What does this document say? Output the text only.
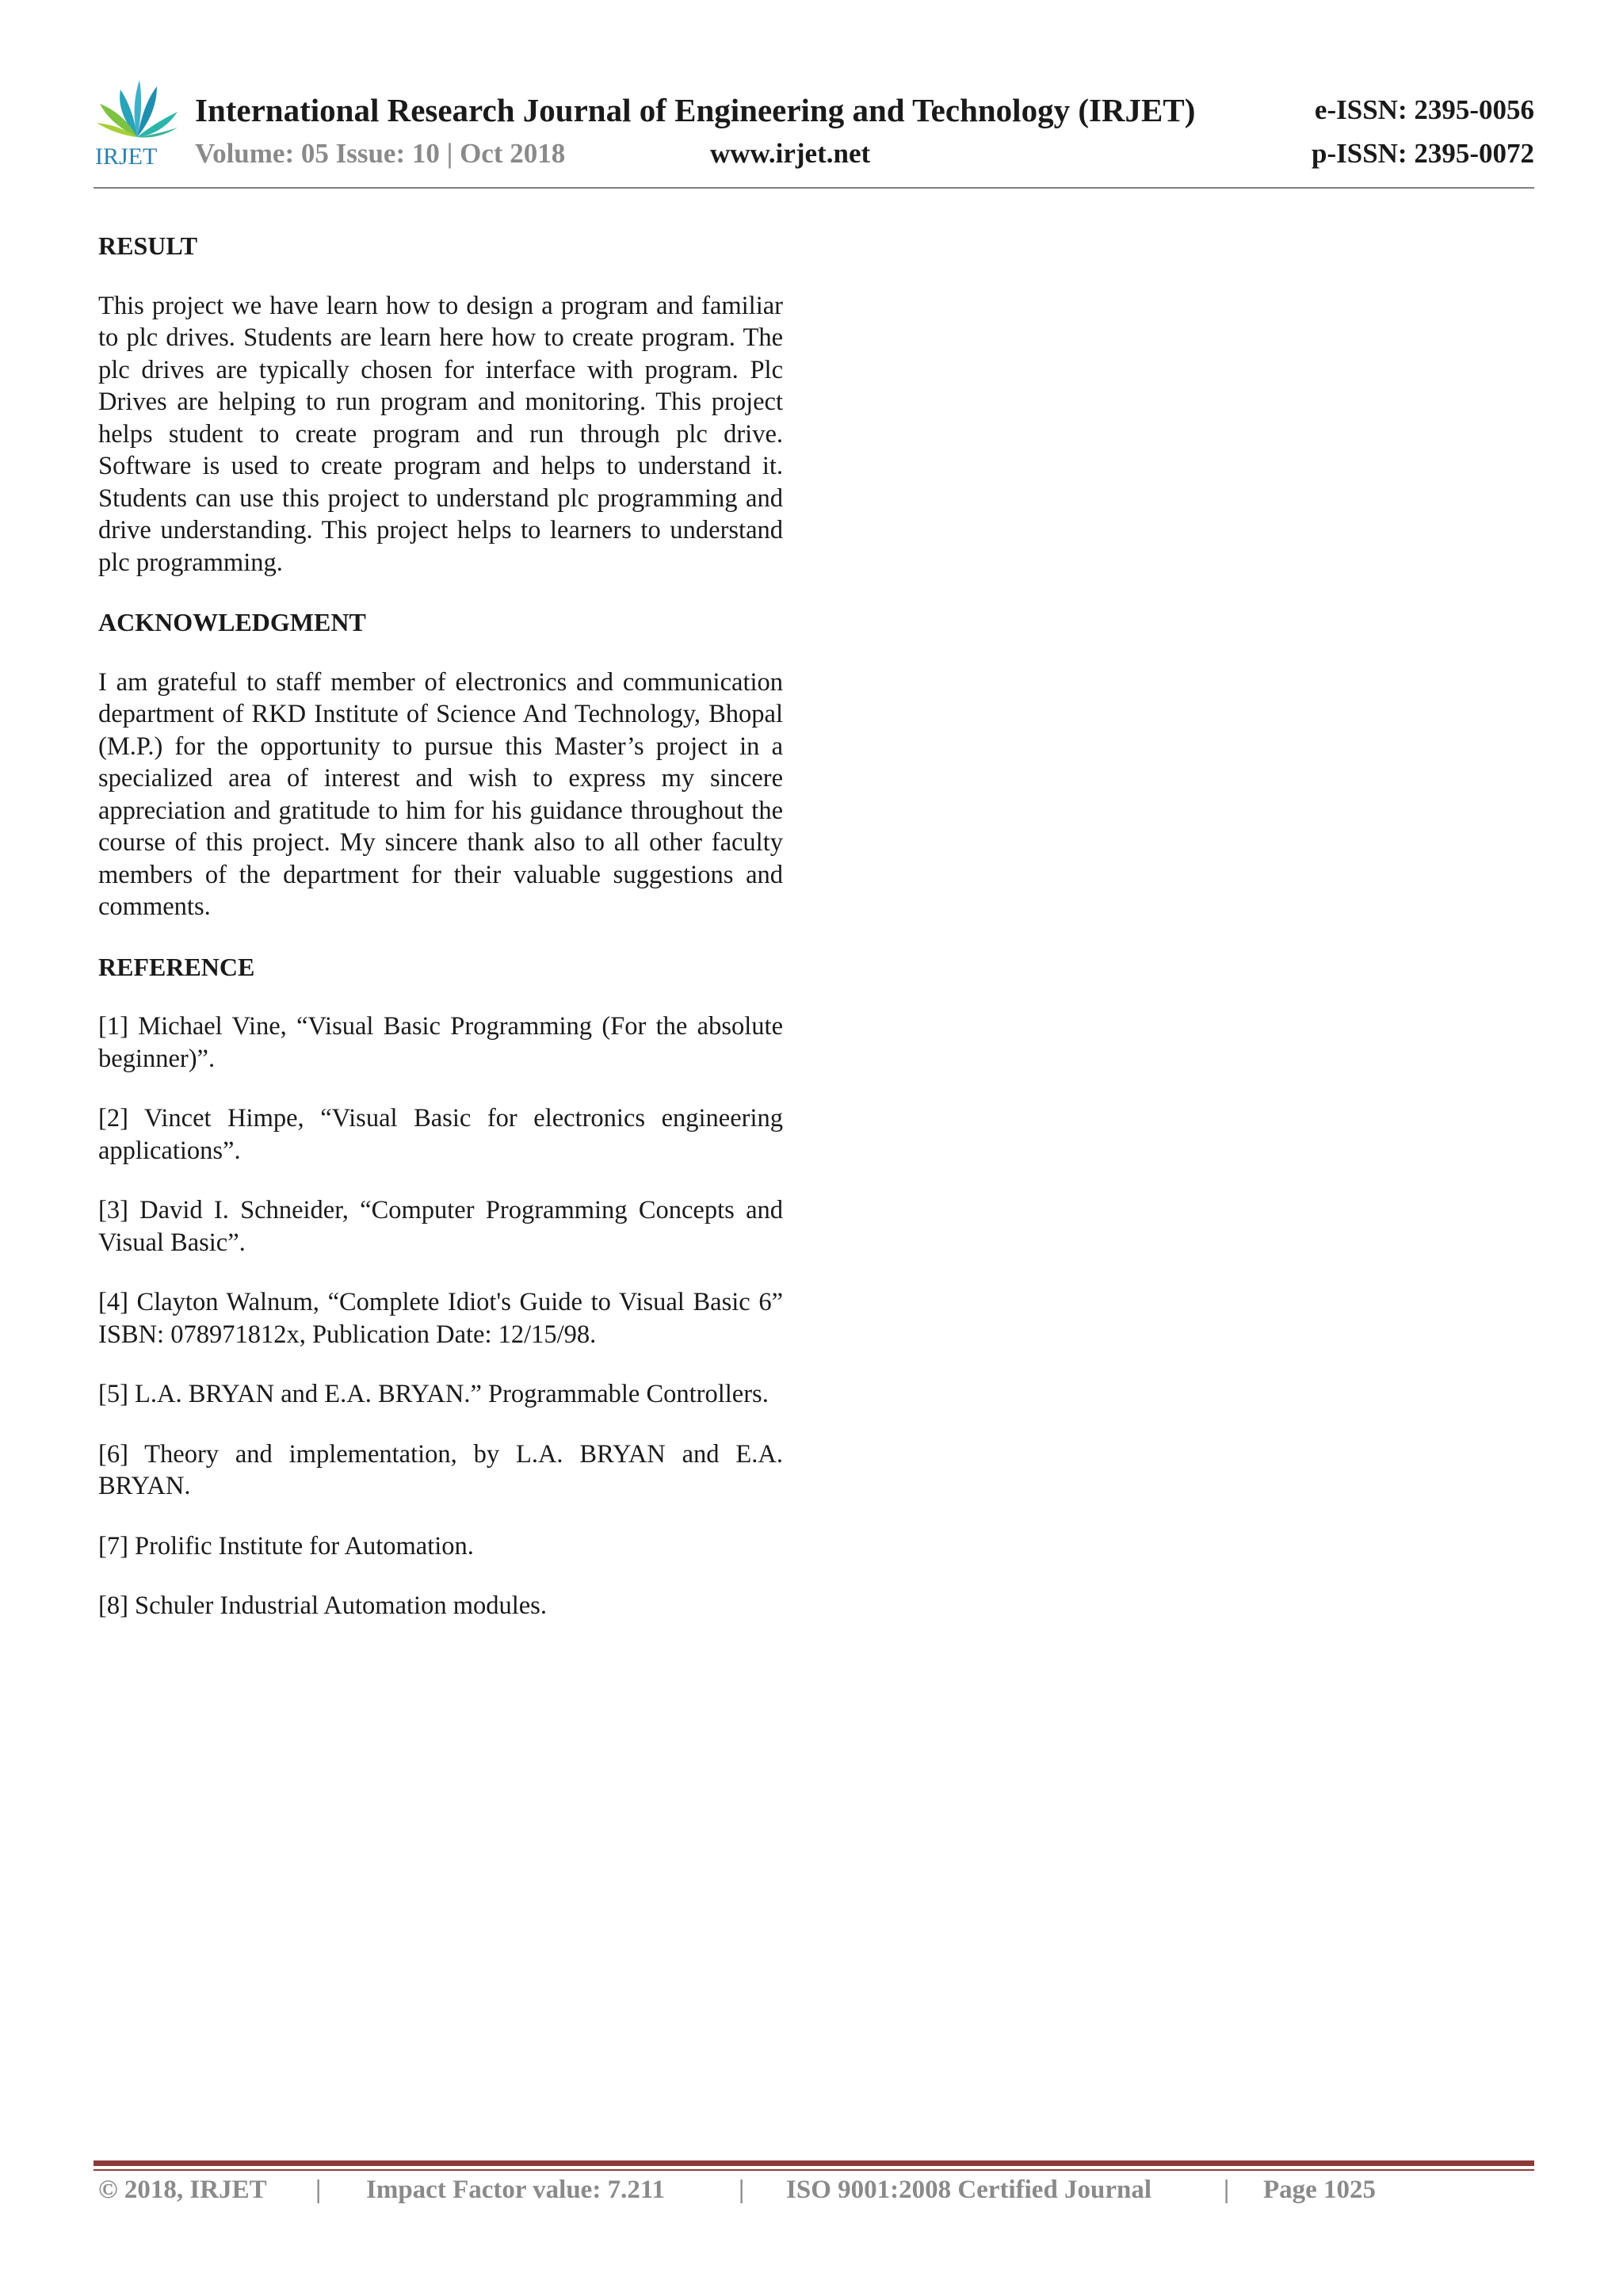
IRJET
International Research Journal of Engineering and Technology (IRJET)	e-ISSN: 2395-0056
Volume: 05 Issue: 10 | Oct 2018	www.irjet.net	p-ISSN: 2395-0072
RESULT

This project we have learn how to design a program and familiar to plc drives. Students are learn here how to create program. The plc drives are typically chosen for interface with program. Plc Drives are helping to run program and monitoring. This project helps student to create program and run through plc drive. Software is used to create program and helps to understand it. Students can use this project to understand plc programming and drive understanding. This project helps to learners to understand plc programming.

ACKNOWLEDGMENT

I am grateful to staff member of electronics and communication department of RKD Institute of Science And Technology, Bhopal (M.P.) for the opportunity to pursue this Master’s project in a specialized area of interest and wish to express my sincere appreciation and gratitude to him for his guidance throughout the course of this project. My sincere thank also to all other faculty members of the department for their valuable suggestions and comments.

REFERENCE

[1] Michael Vine, “Visual Basic Programming (For the absolute beginner)”.

[2] Vincet Himpe, “Visual Basic for electronics engineering applications”.

[3] David I. Schneider, “Computer Programming Concepts and Visual Basic”.

[4] Clayton Walnum, “Complete Idiot's Guide to Visual Basic 6” ISBN: 078971812x, Publication Date: 12/15/98.

[5] L.A. BRYAN and E.A. BRYAN.” Programmable Controllers.

[6] Theory and implementation, by L.A. BRYAN and E.A. BRYAN.

[7] Prolific Institute for Automation.

[8] Schuler Industrial Automation modules.

© 2018, IRJET | Impact Factor value: 7.211	| ISO 9001:2008 Certified Journal	| Page 1025
